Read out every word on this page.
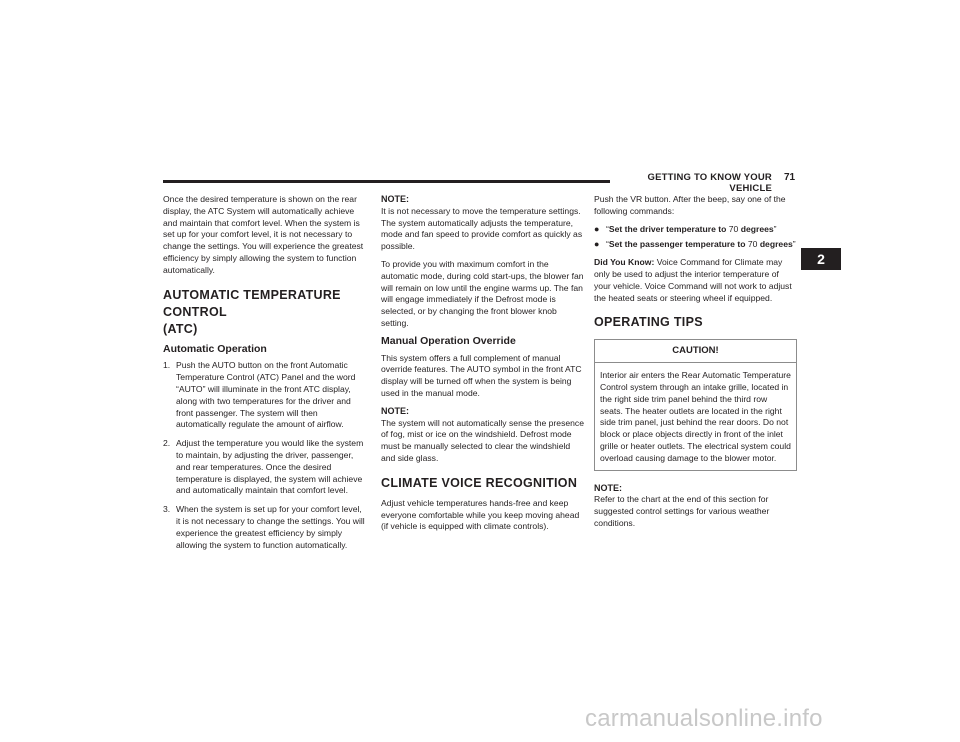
GETTING TO KNOW YOUR VEHICLE
71
2

Once the desired temperature is shown on the rear display, the ATC System will automatically achieve and maintain that comfort level. When the system is set up for your comfort level, it is not necessary to change the settings. You will experience the greatest efficiency by simply allowing the system to function automatically.

AUTOMATIC TEMPERATURE CONTROL
(ATC)
Automatic Operation
1. Push the AUTO button on the front Automatic Temperature Control (ATC) Panel and the word “AUTO” will illuminate in the front ATC display, along with two temperatures for the driver and front passenger. The system will then automatically regulate the amount of airflow.
2. Adjust the temperature you would like the system to maintain, by adjusting the driver, passenger, and rear temperatures. Once the desired temperature is displayed, the system will achieve and automatically maintain that comfort level.
3. When the system is set up for your comfort level, it is not necessary to change the settings. You will experience the greatest efficiency by simply allowing the system to function automatically.

NOTE:

It is not necessary to move the temperature settings. The system automatically adjusts the temperature, mode and fan speed to provide comfort as quickly as possible.

To provide you with maximum comfort in the automatic mode, during cold start-ups, the blower fan will remain on low until the engine warms up. The fan will engage immediately if the Defrost mode is selected, or by changing the front blower knob setting.

Manual Operation Override

This system offers a full complement of manual override features. The AUTO symbol in the front ATC display will be turned off when the system is being used in the manual mode.

NOTE:

The system will not automatically sense the presence of fog, mist or ice on the windshield. Defrost mode must be manually selected to clear the windshield and side glass.

CLIMATE VOICE RECOGNITION

Adjust vehicle temperatures hands-free and keep everyone comfortable while you keep moving ahead (if vehicle is equipped with climate controls).

Push the VR button. After the beep, say one of the following commands:

● “Set the driver temperature to 70 degrees”
● “Set the passenger temperature to 70 degrees”

Did You Know: Voice Command for Climate may only be used to adjust the interior temperature of your vehicle. Voice Command will not work to adjust the heated seats or steering wheel if equipped.

OPERATING TIPS
CAUTION!
Interior air enters the Rear Automatic Temperature Control system through an intake grille, located in the right side trim panel behind the third row seats. The heater outlets are located in the right side trim panel, just behind the rear doors. Do not block or place objects directly in front of the inlet grille or heater outlets. The electrical system could overload causing damage to the blower motor.

NOTE:

Refer to the chart at the end of this section for suggested control settings for various weather conditions.

carmanualsonline.info
